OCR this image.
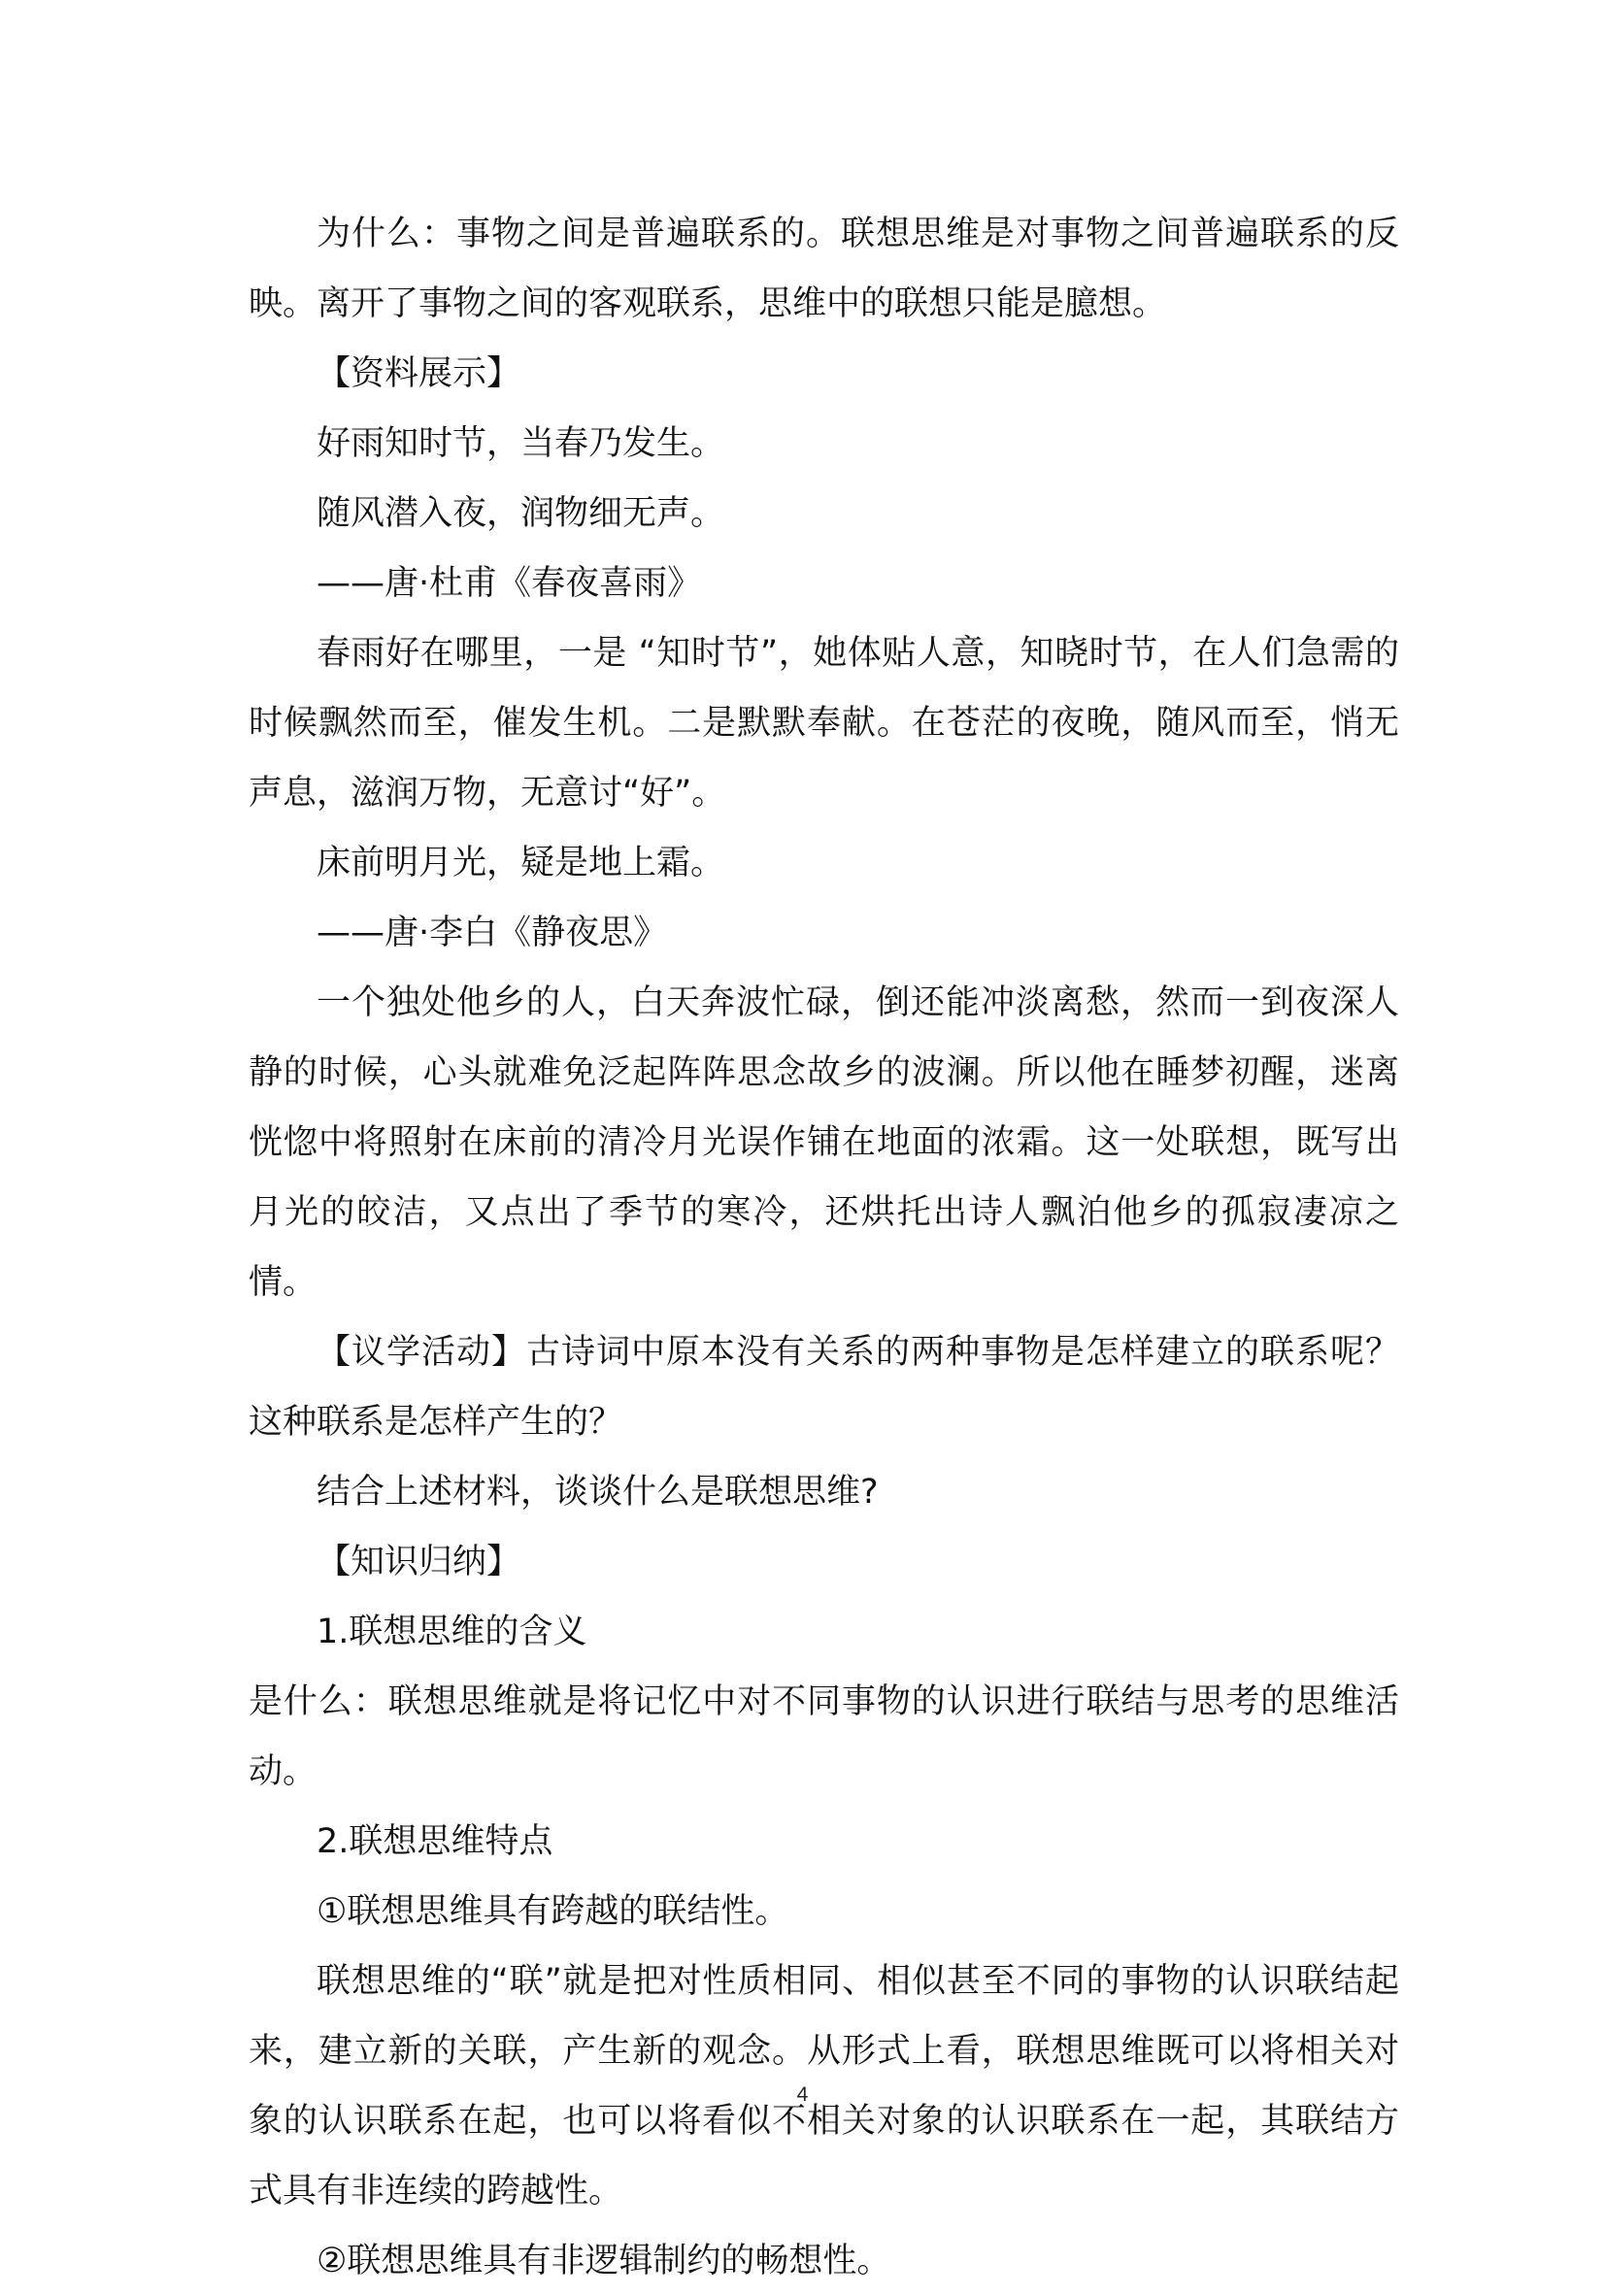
为什么：事物之间是普遍联系的。联想思维是对事物之间普遍联系的反映。离开了事物之间的客观联系，思维中的联想只能是臆想。

【资料展示】

好雨知时节，当春乃发生。

随风潜入夜，润物细无声。

——唐·杜甫《春夜喜雨》

春雨好在哪里，一是 “知时节”，她体贴人意，知晓时节，在人们急需的时候飘然而至，催发生机。二是默默奉献。在苍茫的夜晚，随风而至，悄无声息，滋润万物，无意讨“好”。

床前明月光，疑是地上霜。

——唐·李白《静夜思》

一个独处他乡的人，白天奔波忙碌，倒还能冲淡离愁，然而一到夜深人静的时候，心头就难免泛起阵阵思念故乡的波澜。所以他在睡梦初醒，迷离恍惚中将照射在床前的清冷月光误作铺在地面的浓霜。这一处联想，既写出月光的皎洁，又点出了季节的寒冷，还烘托出诗人飘泊他乡的孤寂凄凉之情。

【议学活动】古诗词中原本没有关系的两种事物是怎样建立的联系呢？这种联系是怎样产生的？

结合上述材料，谈谈什么是联想思维?

【知识归纳】

1.联想思维的含义

是什么：联想思维就是将记忆中对不同事物的认识进行联结与思考的思维活动。

2.联想思维特点

①联想思维具有跨越的联结性。

联想思维的“联”就是把对性质相同、相似甚至不同的事物的认识联结起来，建立新的关联，产生新的观念。从形式上看，联想思维既可以将相关对象的认识联系在起，也可以将看似不相关对象的认识联系在一起，其联结方式具有非连续的跨越性。

②联想思维具有非逻辑制约的畅想性。

4
